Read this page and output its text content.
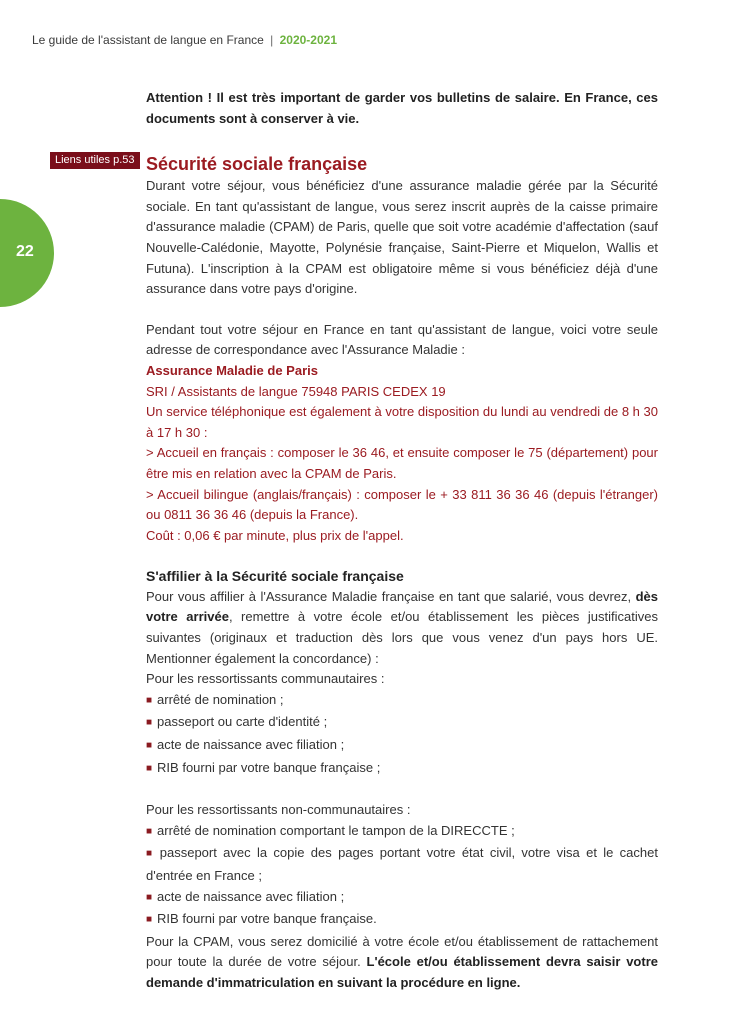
Le guide de l'assistant de langue en France | 2020-2021
22
Liens utiles p.53

Attention ! Il est très important de garder vos bulletins de salaire. En France, ces documents sont à conserver à vie.

Sécurité sociale française

Durant votre séjour, vous bénéficiez d'une assurance maladie gérée par la Sécurité sociale. En tant qu'assistant de langue, vous serez inscrit auprès de la caisse primaire d'assurance maladie (CPAM) de Paris, quelle que soit votre académie d'affectation (sauf Nouvelle-Calédonie, Mayotte, Polynésie française, Saint-Pierre et Miquelon, Wallis et Futuna). L'inscription à la CPAM est obligatoire même si vous bénéficiez déjà d'une assurance dans votre pays d'origine.

Pendant tout votre séjour en France en tant qu'assistant de langue, voici votre seule adresse de correspondance avec l'Assurance Maladie :

Assurance Maladie de Paris

SRI / Assistants de langue 75948 PARIS CEDEX 19

Un service téléphonique est également à votre disposition du lundi au vendredi de 8 h 30 à 17 h 30 :

> Accueil en français : composer le 36 46, et ensuite composer le 75 (département) pour être mis en relation avec la CPAM de Paris.

> Accueil bilingue (anglais/français) : composer le + 33 811 36 36 46 (depuis l'étranger) ou 0811 36 36 46 (depuis la France).

Coût : 0,06 € par minute, plus prix de l'appel.

S'affilier à la Sécurité sociale française

Pour vous affilier à l'Assurance Maladie française en tant que salarié, vous devrez, dès votre arrivée, remettre à votre école et/ou établissement les pièces justificatives suivantes (originaux et traduction dès lors que vous venez d'un pays hors UE. Mentionner également la concordance) :

Pour les ressortissants communautaires :

■ arrêté de nomination ;
■ passeport ou carte d'identité ;
■ acte de naissance avec filiation ;
■ RIB fourni par votre banque française ;

Pour les ressortissants non-communautaires :

■ arrêté de nomination comportant le tampon de la DIRECCTE ;
■ passeport avec la copie des pages portant votre état civil, votre visa et le cachet d'entrée en France ;
■ acte de naissance avec filiation ;
■ RIB fourni par votre banque française.

Pour la CPAM, vous serez domicilié à votre école et/ou établissement de rattachement pour toute la durée de votre séjour. L'école et/ou établissement devra saisir votre demande d'immatriculation en suivant la procédure en ligne.
